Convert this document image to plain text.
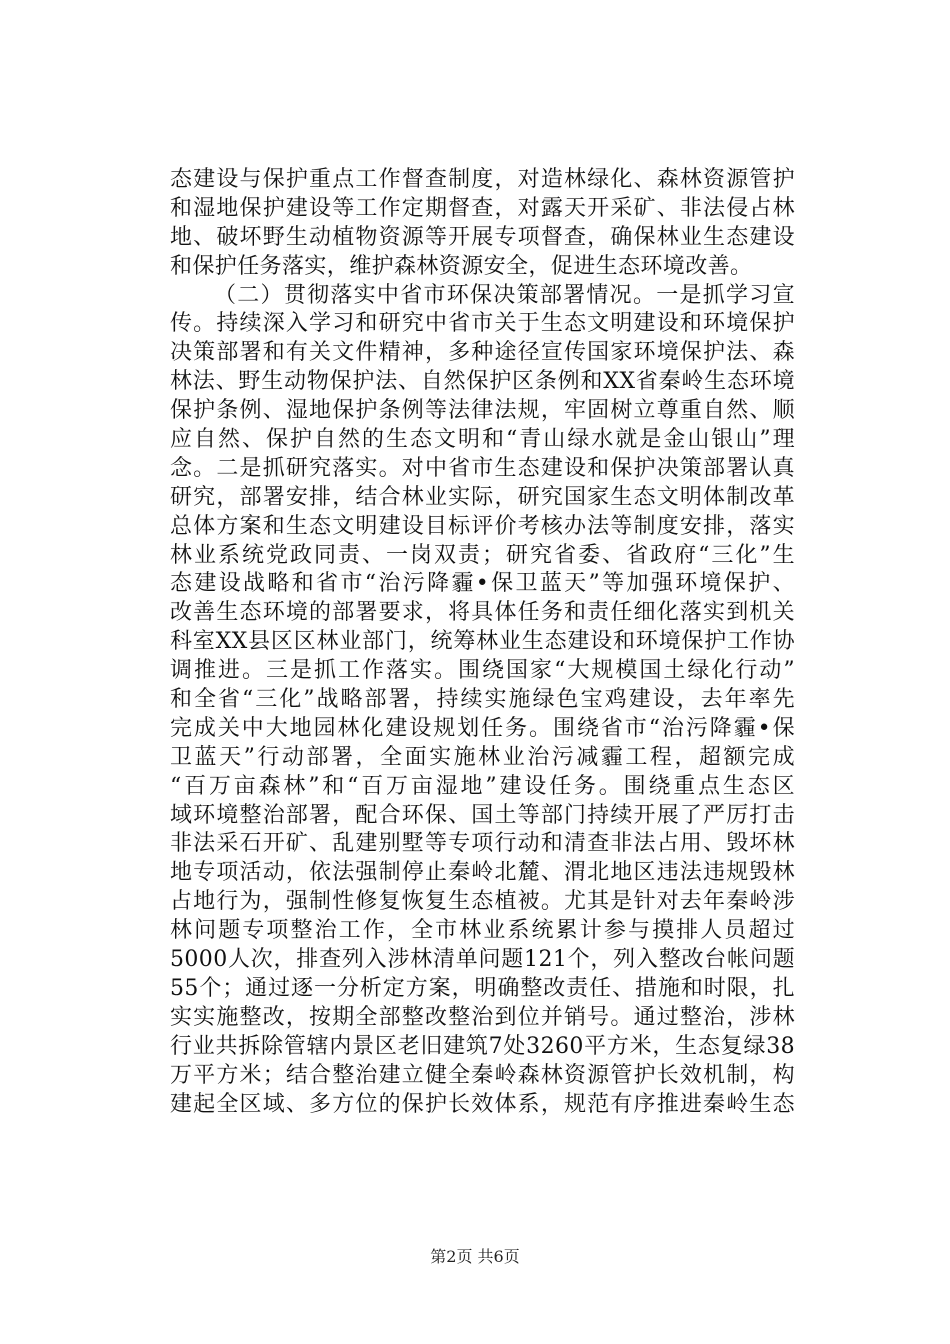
态建设与保护重点工作督查制度，对造林绿化、森林资源管护
和湿地保护建设等工作定期督查，对露天开采矿、非法侵占林
地、破坏野生动植物资源等开展专项督查，确保林业生态建设
和保护任务落实，维护森林资源安全，促进生态环境改善。
（二）贯彻落实中省市环保决策部署情况。一是抓学习宣
传。持续深入学习和研究中省市关于生态文明建设和环境保护
决策部署和有关文件精神，多种途径宣传国家环境保护法、森
林法、野生动物保护法、自然保护区条例和XX省秦岭生态环境
保护条例、湿地保护条例等法律法规，牢固树立尊重自然、顺
应自然、保护自然的生态文明和“青山绿水就是金山银山”理
念。二是抓研究落实。对中省市生态建设和保护决策部署认真
研究，部署安排，结合林业实际，研究国家生态文明体制改革
总体方案和生态文明建设目标评价考核办法等制度安排，落实
林业系统党政同责、一岗双责；研究省委、省政府“三化”生
态建设战略和省市“治污降霾•保卫蓝天”等加强环境保护、
改善生态环境的部署要求，将具体任务和责任细化落实到机关
科室XX县区区林业部门，统筹林业生态建设和环境保护工作协
调推进。三是抓工作落实。围绕国家“大规模国土绿化行动”
和全省“三化”战略部署，持续实施绿色宝鸡建设，去年率先
完成关中大地园林化建设规划任务。围绕省市“治污降霾•保
卫蓝天”行动部署，全面实施林业治污减霾工程，超额完成
“百万亩森林”和“百万亩湿地”建设任务。围绕重点生态区
域环境整治部署，配合环保、国土等部门持续开展了严厉打击
非法采石开矿、乱建别墅等专项行动和清查非法占用、毁坏林
地专项活动，依法强制停止秦岭北麓、渭北地区违法违规毁林
占地行为，强制性修复恢复生态植被。尤其是针对去年秦岭涉
林问题专项整治工作，全市林业系统累计参与摸排人员超过
5000人次，排查列入涉林清单问题121个，列入整改台帐问题
55个；通过逐一分析定方案，明确整改责任、措施和时限，扎
实实施整改，按期全部整改整治到位并销号。通过整治，涉林
行业共拆除管辖内景区老旧建筑7处3260平方米，生态复绿38
万平方米；结合整治建立健全秦岭森林资源管护长效机制，构
建起全区域、多方位的保护长效体系，规范有序推进秦岭生态
第2页 共6页
